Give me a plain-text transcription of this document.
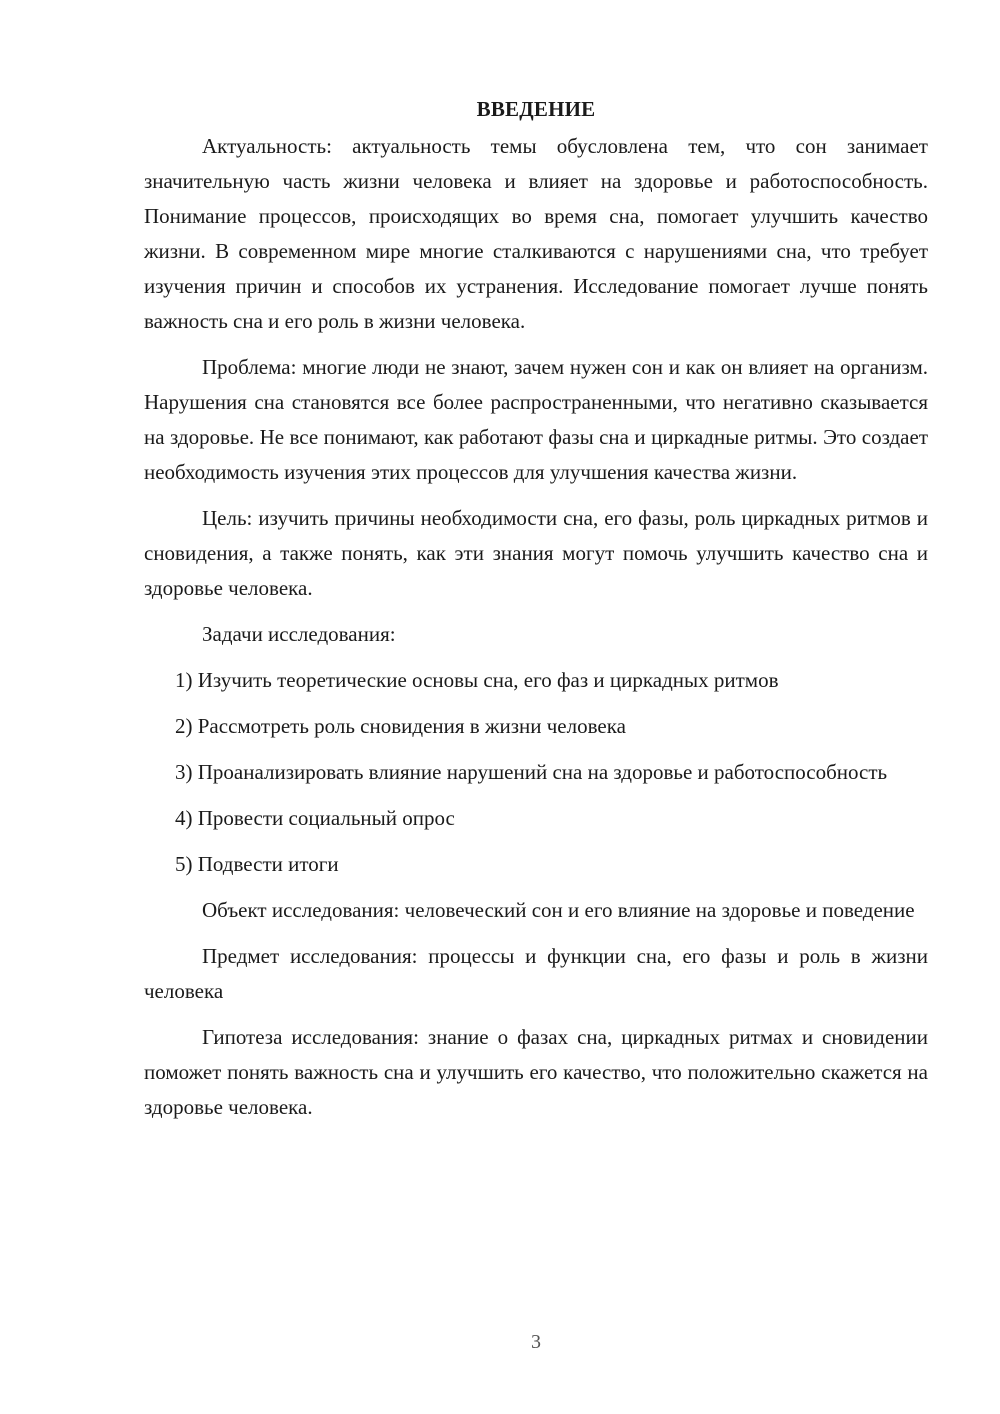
ВВЕДЕНИЕ

Актуальность: актуальность темы обусловлена тем, что сон занимает значительную часть жизни человека и влияет на здоровье и работоспособность. Понимание процессов, происходящих во время сна, помогает улучшить качество жизни. В современном мире многие сталкиваются с нарушениями сна, что требует изучения причин и способов их устранения. Исследование помогает лучше понять важность сна и его роль в жизни человека.

Проблема: многие люди не знают, зачем нужен сон и как он влияет на организм. Нарушения сна становятся все более распространенными, что негативно сказывается на здоровье. Не все понимают, как работают фазы сна и циркадные ритмы. Это создает необходимость изучения этих процессов для улучшения качества жизни.

Цель: изучить причины необходимости сна, его фазы, роль циркадных ритмов и сновидения, а также понять, как эти знания могут помочь улучшить качество сна и здоровье человека.

Задачи исследования:

1) Изучить теоретические основы сна, его фаз и циркадных ритмов

2) Рассмотреть роль сновидения в жизни человека

3) Проанализировать влияние нарушений сна на здоровье и работоспособность

4) Провести социальный опрос

5) Подвести итоги

Объект исследования: человеческий сон и его влияние на здоровье и поведение

Предмет исследования: процессы и функции сна, его фазы и роль в жизни человека

Гипотеза исследования: знание о фазах сна, циркадных ритмах и сновидении поможет понять важность сна и улучшить его качество, что положительно скажется на здоровье человека.

3
